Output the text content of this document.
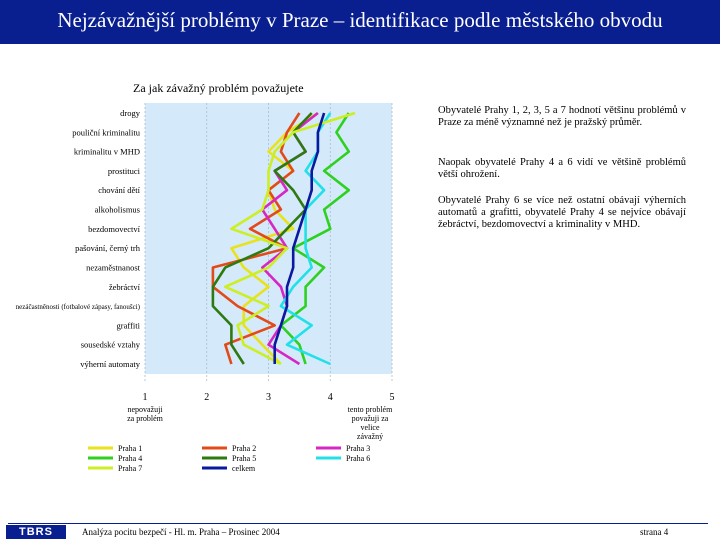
Nejzávažnější problémy v Praze – identifikace podle městského obvodu
Za jak závažný problém považujete
drogy
pouliční kriminalitu
kriminalitu v MHD
prostituci
chování dětí
alkoholismus
bezdomovectví
pašování, černý trh
nezaměstnanost
žebráctví
nezáčastněnosti (fotbalové zápasy, fanoušci)
graffiti
sousedské vztahy
výherní automaty
1	2	3	4	5
nepovažuji za problém
tento problém považuji za velice závažný
Praha 1
Praha 4
Praha 7
Praha 2
Praha 5
celkem
Praha 3
Praha 6
Obyvatelé Prahy 1, 2, 3, 5 a 7 hodnotí většinu problémů v Praze za méně významné než je pražský průměr.
Naopak obyvatelé Prahy 4 a 6 vidí ve většině problémů větší ohrožení.
Obyvatelé Prahy 6 se více než ostatní obávají výherních automatů a grafitti, obyvatelé Prahy 4 se nejvíce obávají žebráctví, bezdomovectví a kriminality v MHD.
TBRS	Analýza pocitu bezpečí - Hl. m. Praha – Prosinec 2004	strana 4
